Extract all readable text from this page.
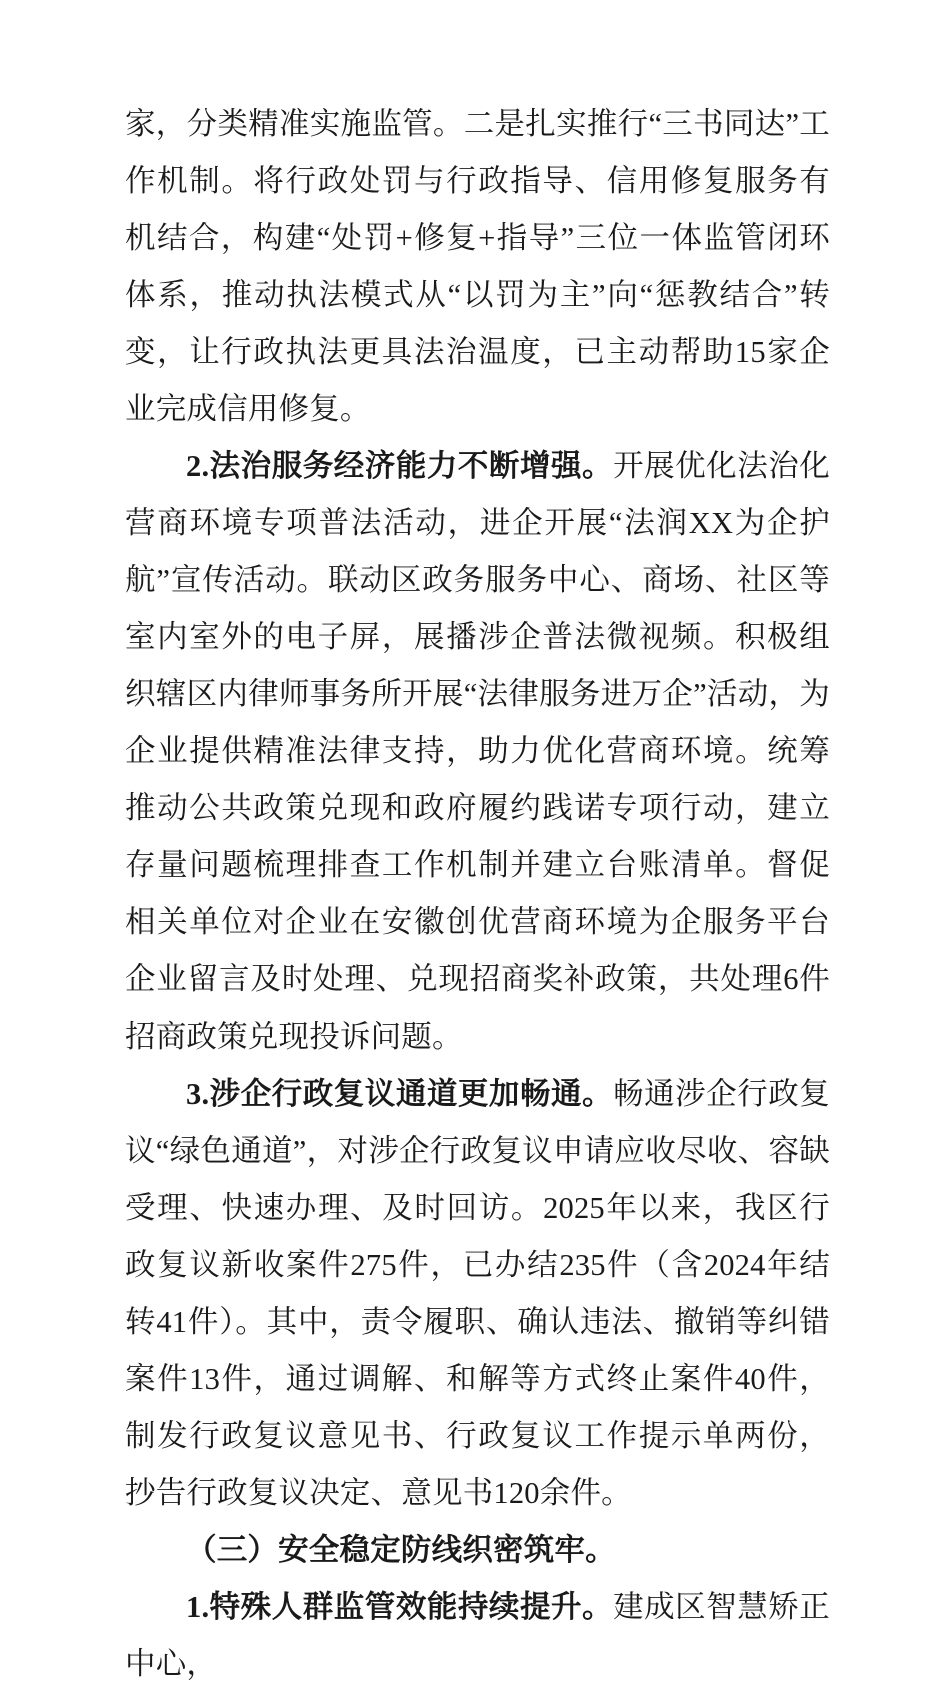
家，分类精准实施监管。二是扎实推行“三书同达”工作机制。将行政处罚与行政指导、信用修复服务有机结合，构建“处罚+修复+指导”三位一体监管闭环体系，推动执法模式从“以罚为主”向“惩教结合”转变，让行政执法更具法治温度，已主动帮助15家企业完成信用修复。

2.法治服务经济能力不断增强。开展优化法治化营商环境专项普法活动，进企开展“法润XX为企护航”宣传活动。联动区政务服务中心、商场、社区等室内室外的电子屏，展播涉企普法微视频。积极组织辖区内律师事务所开展“法律服务进万企”活动，为企业提供精准法律支持，助力优化营商环境。统筹推动公共政策兑现和政府履约践诺专项行动，建立存量问题梳理排查工作机制并建立台账清单。督促相关单位对企业在安徽创优营商环境为企服务平台企业留言及时处理、兑现招商奖补政策，共处理6件招商政策兑现投诉问题。

3.涉企行政复议通道更加畅通。畅通涉企行政复议“绿色通道”，对涉企行政复议申请应收尽收、容缺受理、快速办理、及时回访。2025年以来，我区行政复议新收案件275件，已办结235件（含2024年结转41件）。其中，责令履职、确认违法、撤销等纠错案件13件，通过调解、和解等方式终止案件40件，制发行政复议意见书、行政复议工作提示单两份，抄告行政复议决定、意见书120余件。

（三）安全稳定防线织密筑牢。

1.特殊人群监管效能持续提升。建成区智慧矫正中心，
